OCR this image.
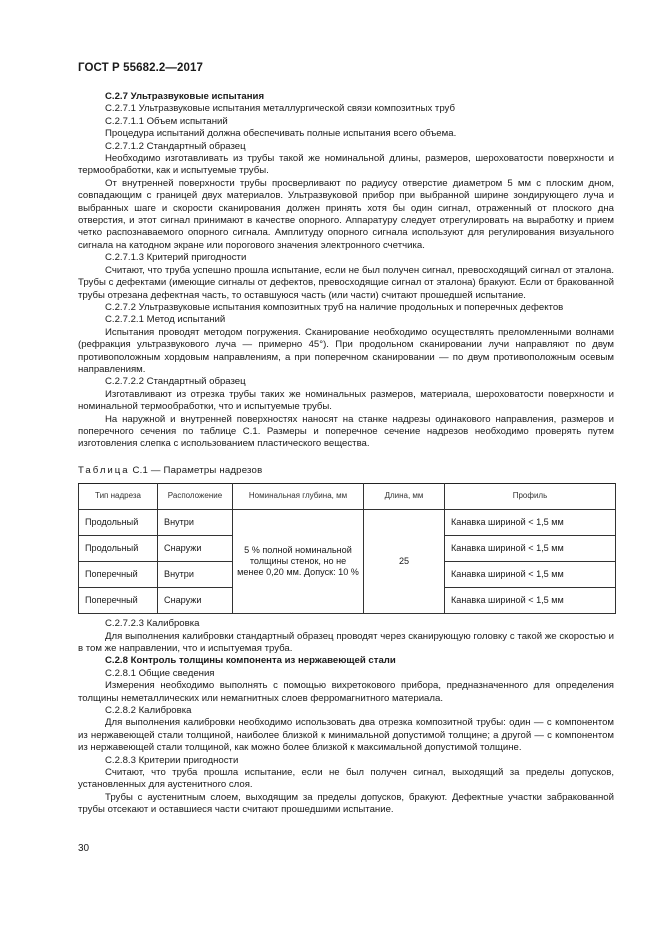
ГОСТ Р 55682.2—2017
С.2.7 Ультразвуковые испытания
С.2.7.1 Ультразвуковые испытания металлургической связи композитных труб
С.2.7.1.1 Объем испытаний
Процедура испытаний должна обеспечивать полные испытания всего объема.
С.2.7.1.2 Стандартный образец
Необходимо изготавливать из трубы такой же номинальной длины, размеров, шероховатости поверхности и термообработки, как и испытуемые трубы.
От внутренней поверхности трубы просверливают по радиусу отверстие диаметром 5 мм с плоским дном, совпадающим с границей двух материалов. Ультразвуковой прибор при выбранной ширине зондирующего луча и выбранных шаге и скорости сканирования должен принять хотя бы один сигнал, отраженный от плоского дна отверстия, и этот сигнал принимают в качестве опорного. Аппаратуру следует отрегулировать на выработку и прием четко распознаваемого опорного сигнала. Амплитуду опорного сигнала используют для регулирования визуального сигнала на катодном экране или порогового значения электронного счетчика.
С.2.7.1.3 Критерий пригодности
Считают, что труба успешно прошла испытание, если не был получен сигнал, превосходящий сигнал от эталона. Трубы с дефектами (имеющие сигналы от дефектов, превосходящие сигнал от эталона) бракуют. Если от бракованной трубы отрезана дефектная часть, то оставшуюся часть (или части) считают прошедшей испытание.
С.2.7.2 Ультразвуковые испытания композитных труб на наличие продольных и поперечных дефектов
С.2.7.2.1 Метод испытаний
Испытания проводят методом погружения. Сканирование необходимо осуществлять преломленными волнами (рефракция ультразвукового луча — примерно 45°). При продольном сканировании лучи направляют по двум противоположным хордовым направлениям, а при поперечном сканировании — по двум противоположным осевым направлениям.
С.2.7.2.2 Стандартный образец
Изготавливают из отрезка трубы таких же номинальных размеров, материала, шероховатости поверхности и номинальной термообработки, что и испытуемые трубы.
На наружной и внутренней поверхностях наносят на станке надрезы одинакового направления, размеров и поперечного сечения по таблице С.1. Размеры и поперечное сечение надрезов необходимо проверять путем изготовления слепка с использованием пластического вещества.
Таблица С.1 — Параметры надрезов
Тип надреза	Расположение	Номинальная глубина, мм	Длина, мм	Профиль
Продольный	Внутри	5 % полной номинальной толщины стенок, но не менее 0,20 мм. Допуск: 10 %	25	Канавка шириной < 1,5 мм
Продольный	Снаружи			Канавка шириной < 1,5 мм
Поперечный	Внутри			Канавка шириной < 1,5 мм
Поперечный	Снаружи			Канавка шириной < 1,5 мм
С.2.7.2.3 Калибровка
Для выполнения калибровки стандартный образец проводят через сканирующую головку с такой же скоростью и в том же направлении, что и испытуемая труба.
С.2.8 Контроль толщины компонента из нержавеющей стали
С.2.8.1 Общие сведения
Измерения необходимо выполнять с помощью вихретокового прибора, предназначенного для определения толщины неметаллических или немагнитных слоев ферромагнитного материала.
С.2.8.2 Калибровка
Для выполнения калибровки необходимо использовать два отрезка композитной трубы: один — с компонентом из нержавеющей стали толщиной, наиболее близкой к минимальной допустимой толщине; а другой — с компонентом из нержавеющей стали толщиной, как можно более близкой к максимальной допустимой толщине.
С.2.8.3 Критерии пригодности
Считают, что труба прошла испытание, если не был получен сигнал, выходящий за пределы допусков, установленных для аустенитного слоя.
Трубы с аустенитным слоем, выходящим за пределы допусков, бракуют. Дефектные участки забракованной трубы отсекают и оставшиеся части считают прошедшими испытание.
30
